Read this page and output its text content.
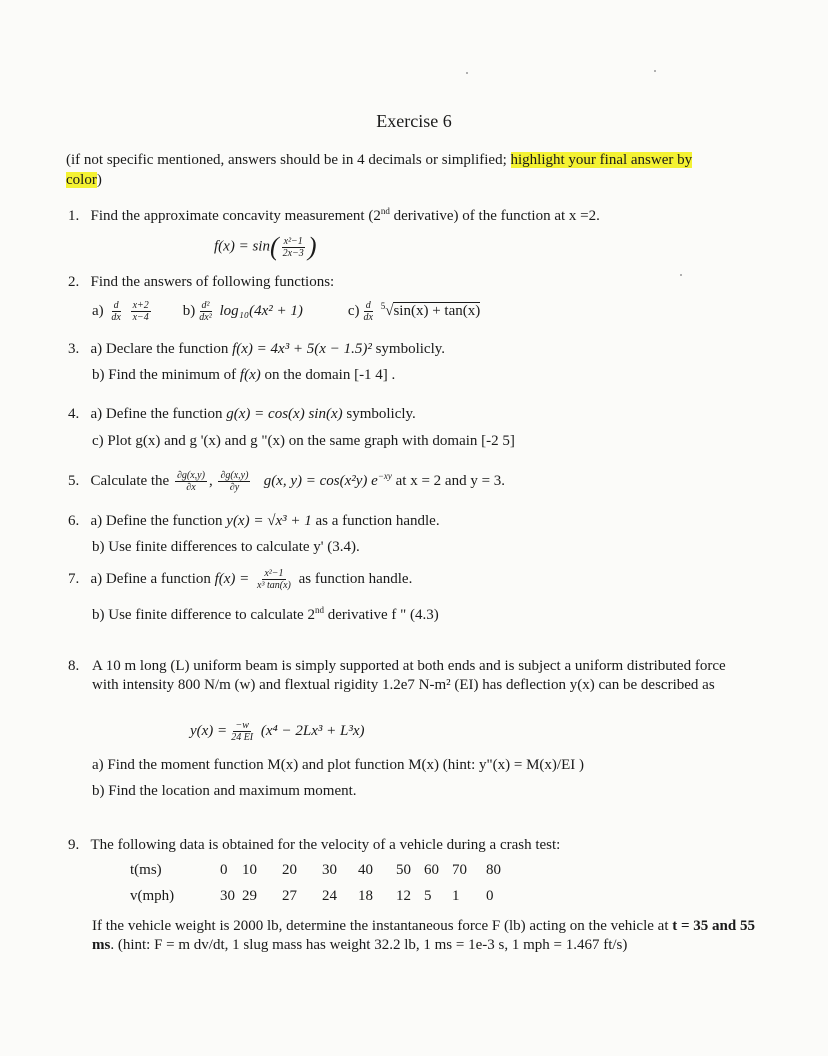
Exercise 6
(if not specific mentioned, answers should be in 4 decimals or simplified; highlight your final answer by
color)
1. Find the approximate concavity measurement (2nd derivative) of the function at x =2.
$f(x) = \sin( \frac{\text{x²−1}}{2x-3}$ )
2. Find the answers of following functions:
$a) \frac{d}{dx}$
$\frac{x+2}{x-4} b) \frac{\text{d²}}{\text{dx²}} \log_{10}(4x^2 + 1)$	$c) \frac{d}{dx} ^5√\sin(x) + \tan(x)$
3. a) Declare the function f(x) = 4x³ + 5(x − 1.5)² symbolicly.
b) Find the minimum of f(x) on the domain [-1 4] .
4. a) Define the function g(x) = cos(x) sin(x) symbolicly.
c) Plot g(x) and g '(x) and g "(x) on the same graph with domain [-2 5]
5. Calculate the $\frac{\partial g(x,y)}{\partial x}$ , $\frac{\partial g(x,y)}{\partial y} g(x$, y) = cos(x²y) $e^{-xy}$ at x = 2 and y = 3.
6. a) Define the function y(x) = √x³ + 1 as a function handle.
b) Use finite differences to calculate y' (3.4).
7. a) Define a function $f(x) = \frac{\text{x²−1}}{\text{x³ tan(x)}}$ as function handle.
b) Use finite difference to calculate 2nd derivative f " (4.3)
8. A 10 m long (L) uniform beam is simply supported at both ends and is subject a uniform distributed force with intensity 800 N/m (w) and flextual rigidity 1.2e7 N-m² (EI) has deflection y(x) can be described as
$y(x) = \frac{-w}{24 EI} (x^4 - 2Lx^3 + L^3x)$
a) Find the moment function M(x) and plot function M(x) (hint: y"(x) = M(x)/EI )
b) Find the location and maximum moment.
9. The following data is obtained for the velocity of a vehicle during a crash test:
t(ms)	0	10	20	30	40	50	60	70	80
v(mph)	30	29	27	24	18	12	5	1	0
If the vehicle weight is 2000 lb, determine the instantaneous force F (lb) acting on the vehicle at t = 35 and 55 ms. (hint: F = m dv/dt, 1 slug mass has weight 32.2 lb, 1 ms = 1e-3 s, 1 mph = 1.467 ft/s)
